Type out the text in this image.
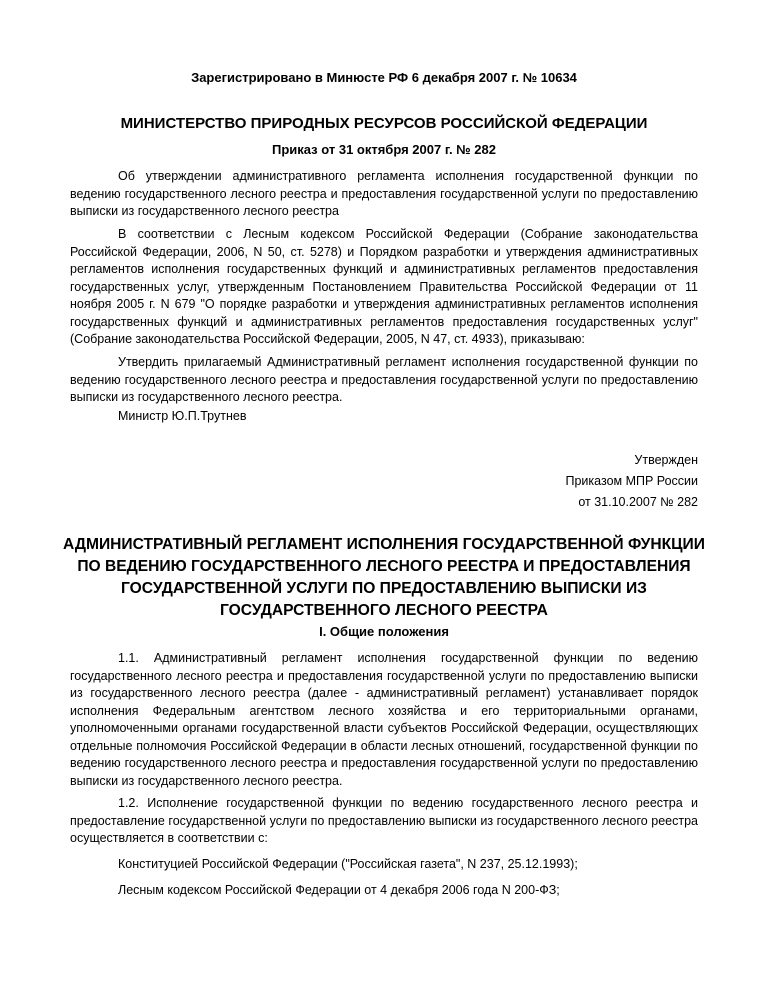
Зарегистрировано в Минюсте РФ 6 декабря 2007 г. № 10634
МИНИСТЕРСТВО ПРИРОДНЫХ РЕСУРСОВ РОССИЙСКОЙ ФЕДЕРАЦИИ
Приказ от 31 октября 2007 г. № 282

Об утверждении административного регламента исполнения государственной функции по ведению государственного лесного реестра и предоставления государственной услуги по предоставлению выписки из государственного лесного реестра

В соответствии с Лесным кодексом Российской Федерации (Собрание законодательства Российской Федерации, 2006, N 50, ст. 5278) и Порядком разработки и утверждения административных регламентов исполнения государственных функций и административных регламентов предоставления государственных услуг, утвержденным Постановлением Правительства Российской Федерации от 11 ноября 2005 г. N 679 "О порядке разработки и утверждения административных регламентов исполнения государственных функций и административных регламентов предоставления государственных услуг" (Собрание законодательства Российской Федерации, 2005, N 47, ст. 4933), приказываю:

Утвердить прилагаемый Административный регламент исполнения государственной функции по ведению государственного лесного реестра и предоставления государственной услуги по предоставлению выписки из государственного лесного реестра.

Министр Ю.П.Трутнев

Утвержден
Приказом МПР России
от 31.10.2007 № 282
АДМИНИСТРАТИВНЫЙ РЕГЛАМЕНТ ИСПОЛНЕНИЯ ГОСУДАРСТВЕННОЙ ФУНКЦИИ ПО ВЕДЕНИЮ ГОСУДАРСТВЕННОГО ЛЕСНОГО РЕЕСТРА И ПРЕДОСТАВЛЕНИЯ ГОСУДАРСТВЕННОЙ УСЛУГИ ПО ПРЕДОСТАВЛЕНИЮ ВЫПИСКИ ИЗ ГОСУДАРСТВЕННОГО ЛЕСНОГО РЕЕСТРА
I. Общие положения

1.1. Административный регламент исполнения государственной функции по ведению государственного лесного реестра и предоставления государственной услуги по предоставлению выписки из государственного лесного реестра (далее - административный регламент) устанавливает порядок исполнения Федеральным агентством лесного хозяйства и его территориальными органами, уполномоченными органами государственной власти субъектов Российской Федерации, осуществляющих отдельные полномочия Российской Федерации в области лесных отношений, государственной функции по ведению государственного лесного реестра и предоставления государственной услуги по предоставлению выписки из государственного лесного реестра.

1.2. Исполнение государственной функции по ведению государственного лесного реестра и предоставление государственной услуги по предоставлению выписки из государственного лесного реестра осуществляется в соответствии с:

Конституцией Российской Федерации ("Российская газета", N 237, 25.12.1993);

Лесным кодексом Российской Федерации от 4 декабря 2006 года N 200-ФЗ;
